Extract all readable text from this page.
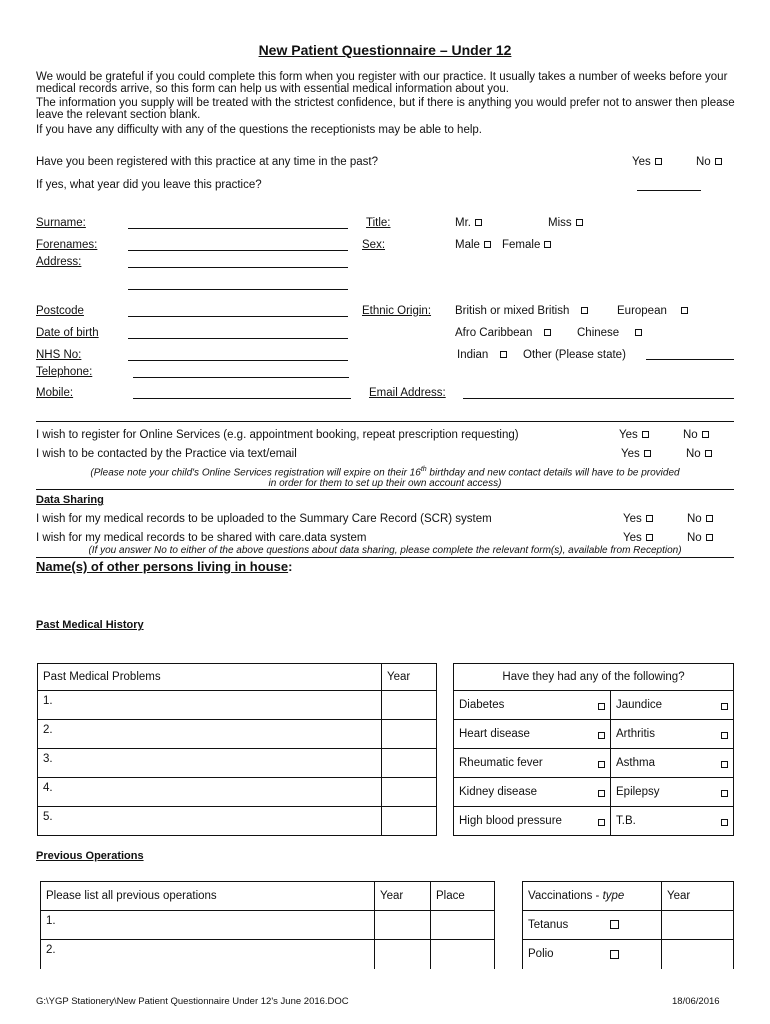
New Patient Questionnaire – Under 12
We would be grateful if you could complete this form when you register with our practice. It usually takes a number of weeks before your medical records arrive, so this form can help us with essential medical information about you.
The information you supply will be treated with the strictest confidence, but if there is anything you would prefer not to answer then please leave the relevant section blank.
If you have any difficulty with any of the questions the receptionists may be able to help.
Have you been registered with this practice at any time in the past?	Yes	No
If yes, what year did you leave this practice?
Surname:
Forenames:
Address:
Postcode
Date of birth
NHS No:
Telephone:
Mobile:
Title:	Mr.	Miss
Sex:	Male	Female
Ethnic Origin: British or mixed British	European
Afro Caribbean	Chinese
Indian	Other (Please state)
Email Address:
I wish to register for Online Services (e.g. appointment booking, repeat prescription requesting)	Yes	No
I wish to be contacted by the Practice via text/email	Yes	No
(Please note your child's Online Services registration will expire on their 16th birthday and new contact details will have to be provided
in order for them to set up their own account access)
Data Sharing
I wish for my medical records to be uploaded to the Summary Care Record (SCR) system	Yes	No
I wish for my medical records to be shared with care.data system	Yes	No
(If you answer No to either of the above questions about data sharing, please complete the relevant form(s), available from Reception)
Name(s) of other persons living in house:
Past Medical History
Past Medical Problems	Year
1.	
2.	
3.	
4.	
5.	
Have they had any of the following?	
Diabetes	Jaundice

Heart disease	Arthritis

Rheumatic fever	Asthma

Kidney disease	Epilepsy

High blood pressure	T.B.
Previous Operations
Please list all previous operations	Year	Place
1.		
2.		
Vaccinations - type	Year
Tetanus	
Polio	
G:\YGP Stationery\New Patient Questionnaire Under 12's June 2016.DOC	18/06/2016
